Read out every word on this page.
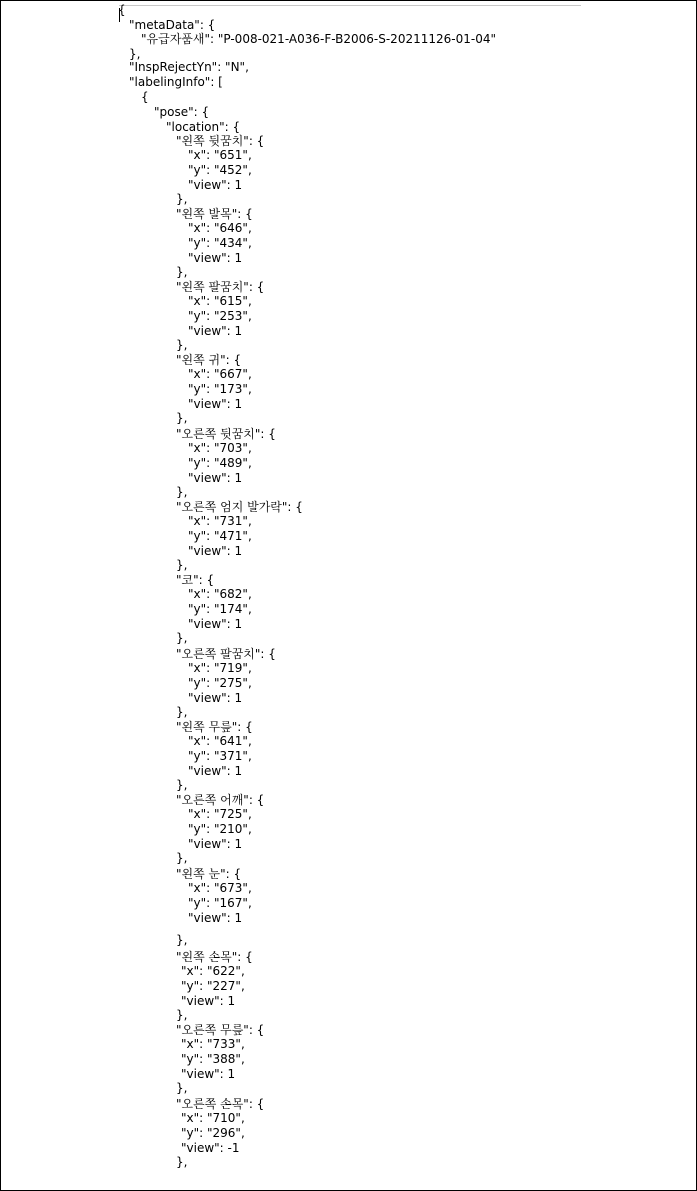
{
"metaData": {
"유급자품새": "P-008-021-A036-F-B2006-S-20211126-01-04"
},
"InspRejectYn": "N",
"labelingInfo": [
{
"pose": {
"location": {
"왼쪽 뒷꿈치": {
"x": "651",
"y": "452",
"view": 1
},
"왼쪽 발목": {
"x": "646",
"y": "434",
"view": 1
},
"왼쪽 팔꿈치": {
"x": "615",
"y": "253",
"view": 1
},
"왼쪽 귀": {
"x": "667",
"y": "173",
"view": 1
},
"오른쪽 뒷꿈치": {
"x": "703",
"y": "489",
"view": 1
},
"오른쪽 엄지 발가락": {
"x": "731",
"y": "471",
"view": 1
},
"코": {
"x": "682",
"y": "174",
"view": 1
},
"오른쪽 팔꿈치": {
"x": "719",
"y": "275",
"view": 1
},
"왼쪽 무릎": {
"x": "641",
"y": "371",
"view": 1
},
"오른쪽 어깨": {
"x": "725",
"y": "210",
"view": 1
},
"왼쪽 눈": {
"x": "673",
"y": "167",
"view": 1
},
"왼쪽 손목": {
"x": "622",
"y": "227",
"view": 1
},
"오른쪽 무릎": {
"x": "733",
"y": "388",
"view": 1
},
"오른쪽 손목": {
"x": "710",
"y": "296",
"view": -1
},
